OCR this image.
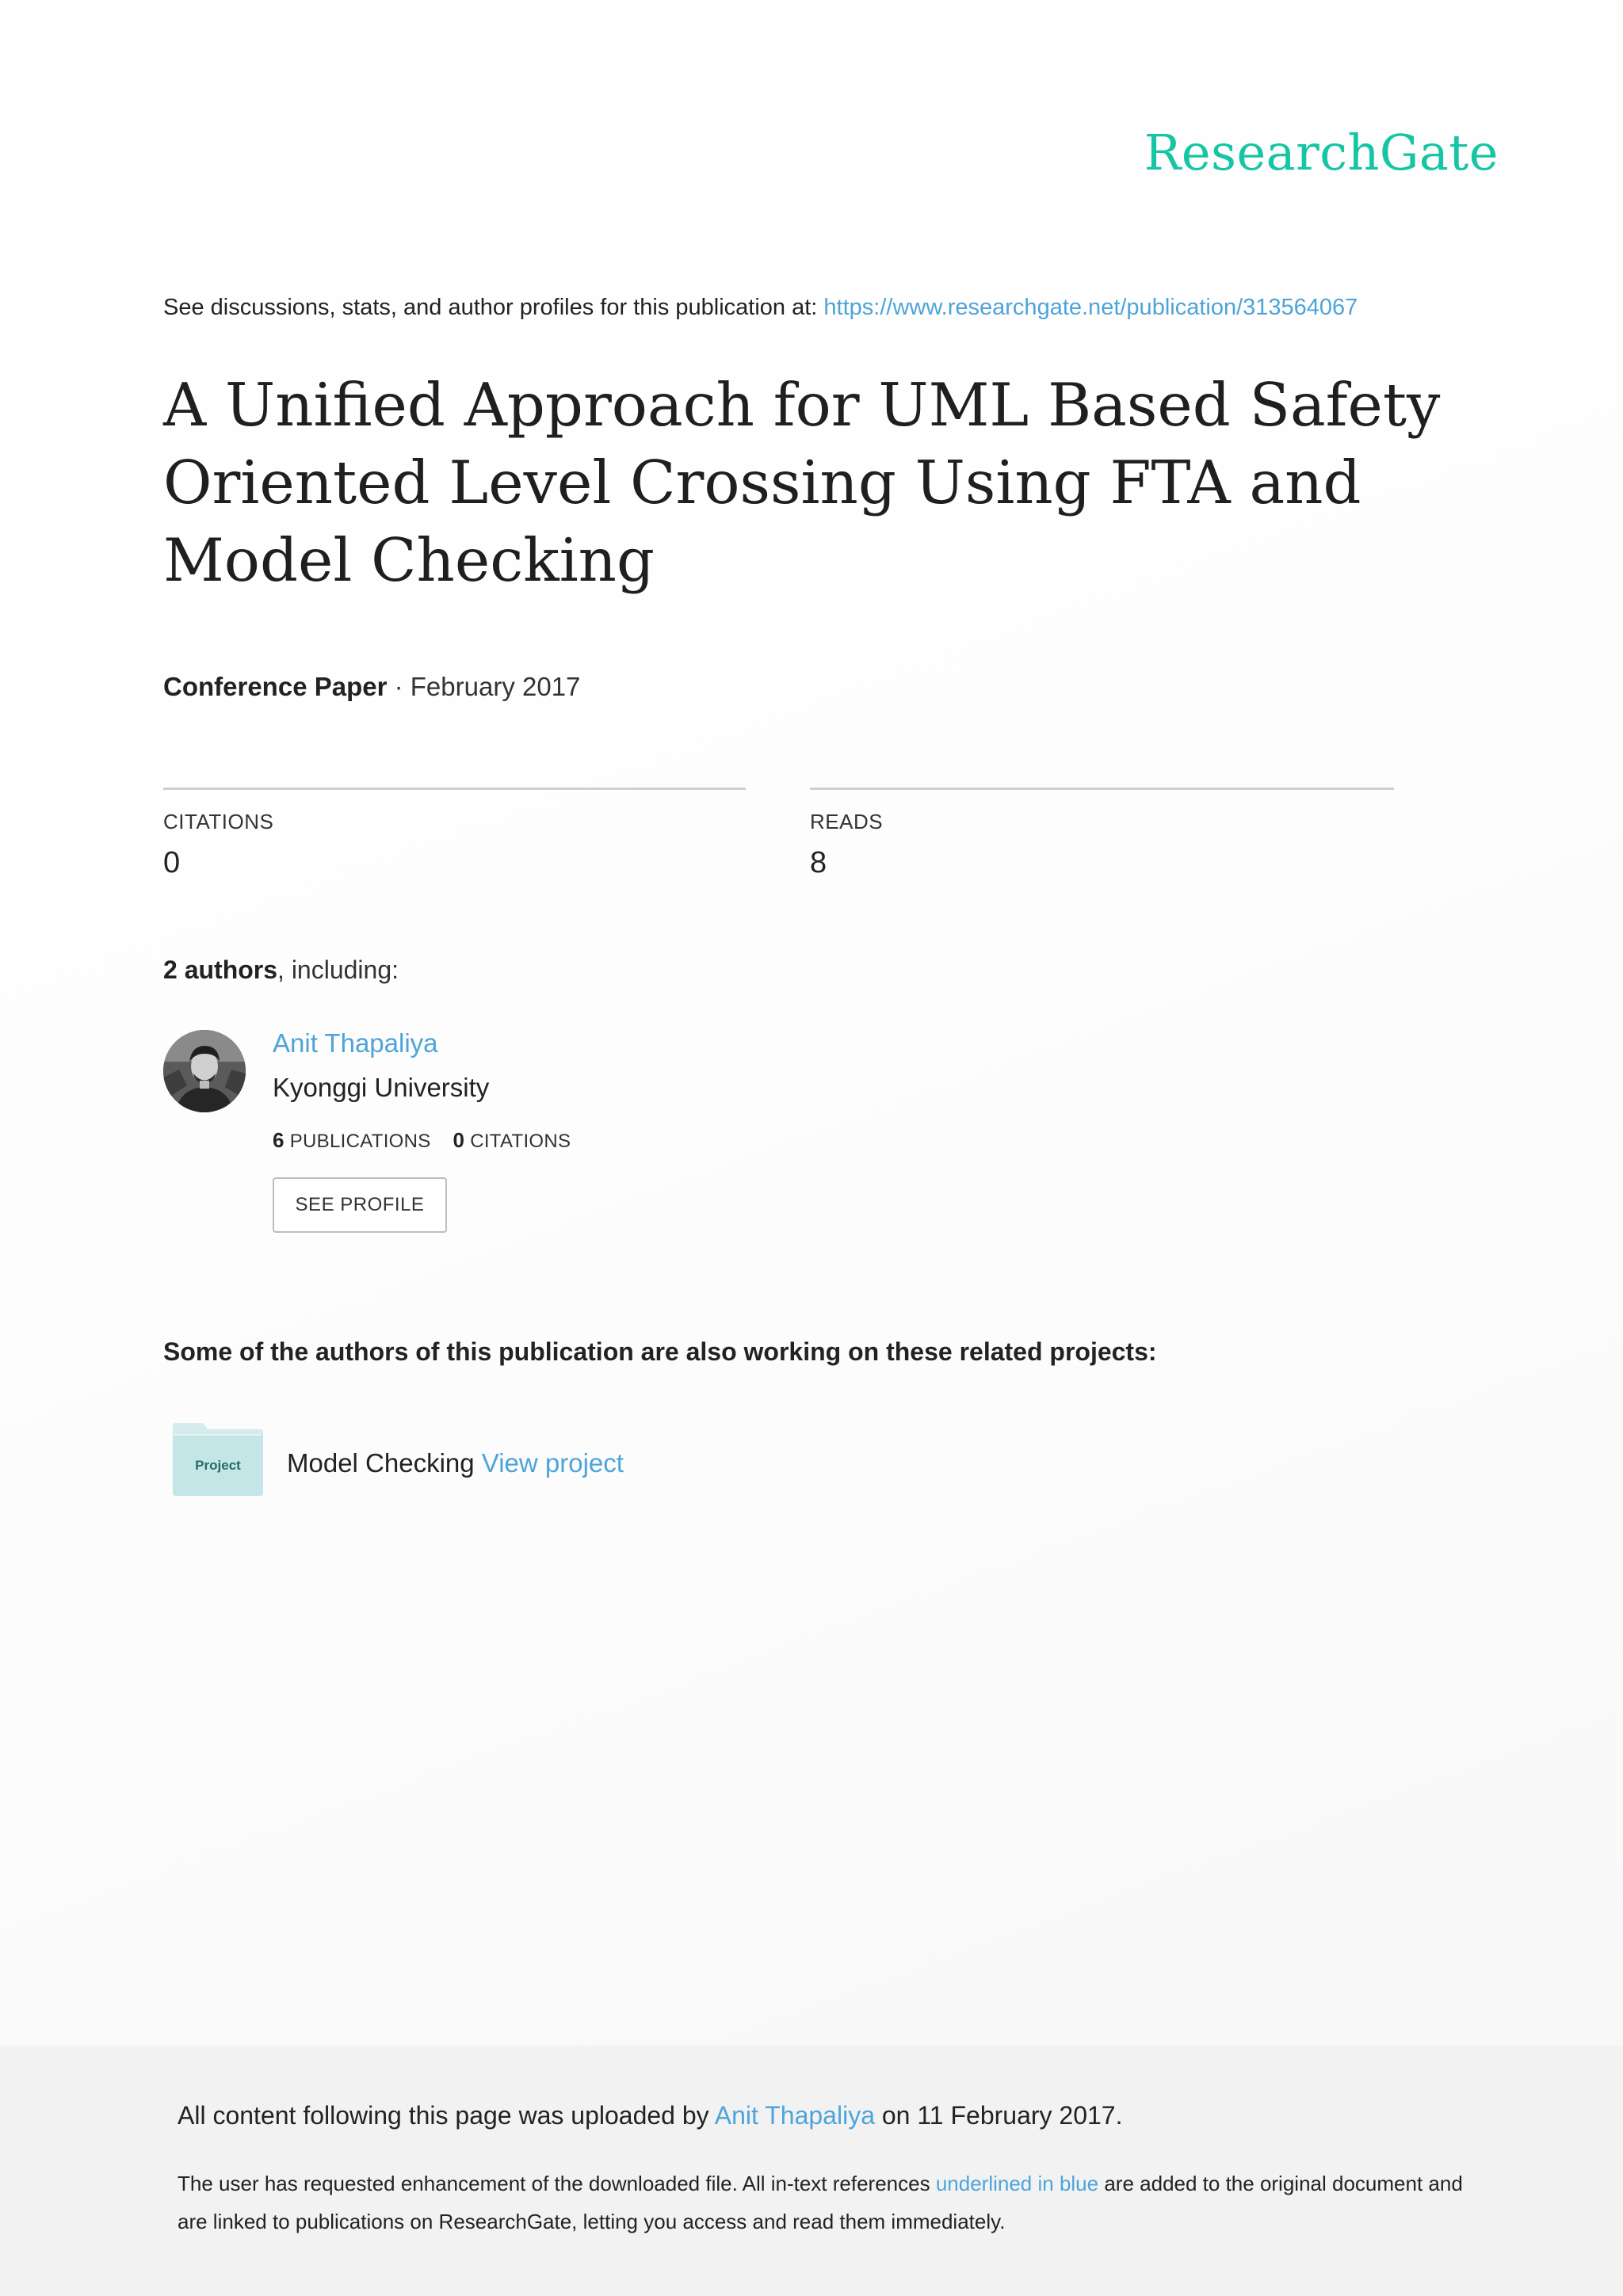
ResearchGate
See discussions, stats, and author profiles for this publication at: https://www.researchgate.net/publication/313564067
A Unified Approach for UML Based Safety Oriented Level Crossing Using FTA and Model Checking
Conference Paper · February 2017
CITATIONS
0
READS
8
2 authors, including:
Anit Thapaliya
Kyonggi University
6 PUBLICATIONS 0 CITATIONS
SEE PROFILE
Some of the authors of this publication are also working on these related projects:
Project	Model Checking View project
All content following this page was uploaded by Anit Thapaliya on 11 February 2017.
The user has requested enhancement of the downloaded file. All in-text references underlined in blue are added to the original document and are linked to publications on ResearchGate, letting you access and read them immediately.
